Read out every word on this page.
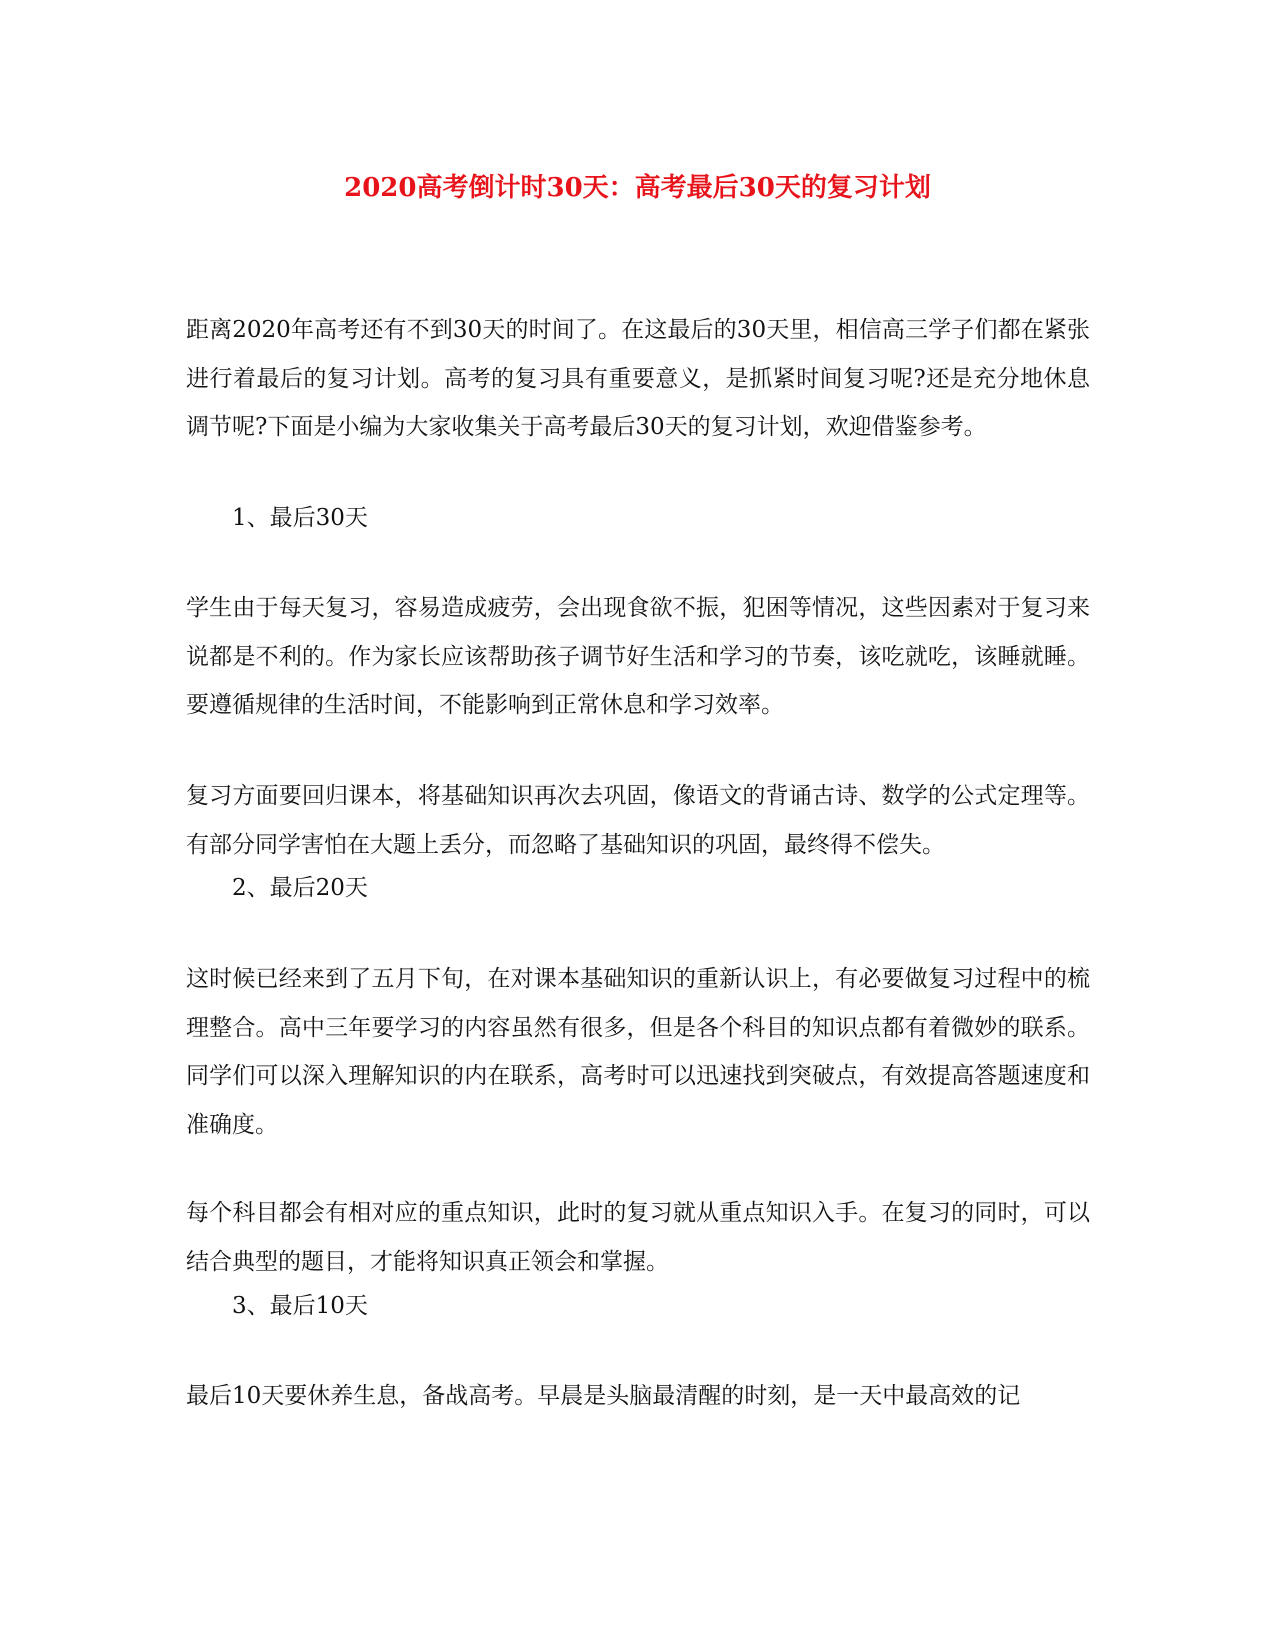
2020高考倒计时30天：高考最后30天的复习计划

距离2020年高考还有不到30天的时间了。在这最后的30天里，相信高三学子们都在紧张进行着最后的复习计划。高考的复习具有重要意义，是抓紧时间复习呢?还是充分地休息调节呢?下面是小编为大家收集关于高考最后30天的复习计划，欢迎借鉴参考。

1、最后30天

学生由于每天复习，容易造成疲劳，会出现食欲不振，犯困等情况，这些因素对于复习来说都是不利的。作为家长应该帮助孩子调节好生活和学习的节奏，该吃就吃，该睡就睡。要遵循规律的生活时间，不能影响到正常休息和学习效率。

复习方面要回归课本，将基础知识再次去巩固，像语文的背诵古诗、数学的公式定理等。有部分同学害怕在大题上丢分，而忽略了基础知识的巩固，最终得不偿失。

2、最后20天

这时候已经来到了五月下旬，在对课本基础知识的重新认识上，有必要做复习过程中的梳理整合。高中三年要学习的内容虽然有很多，但是各个科目的知识点都有着微妙的联系。同学们可以深入理解知识的内在联系，高考时可以迅速找到突破点，有效提高答题速度和准确度。

每个科目都会有相对应的重点知识，此时的复习就从重点知识入手。在复习的同时，可以结合典型的题目，才能将知识真正领会和掌握。

3、最后10天

最后10天要休养生息，备战高考。早晨是头脑最清醒的时刻，是一天中最高效的记
